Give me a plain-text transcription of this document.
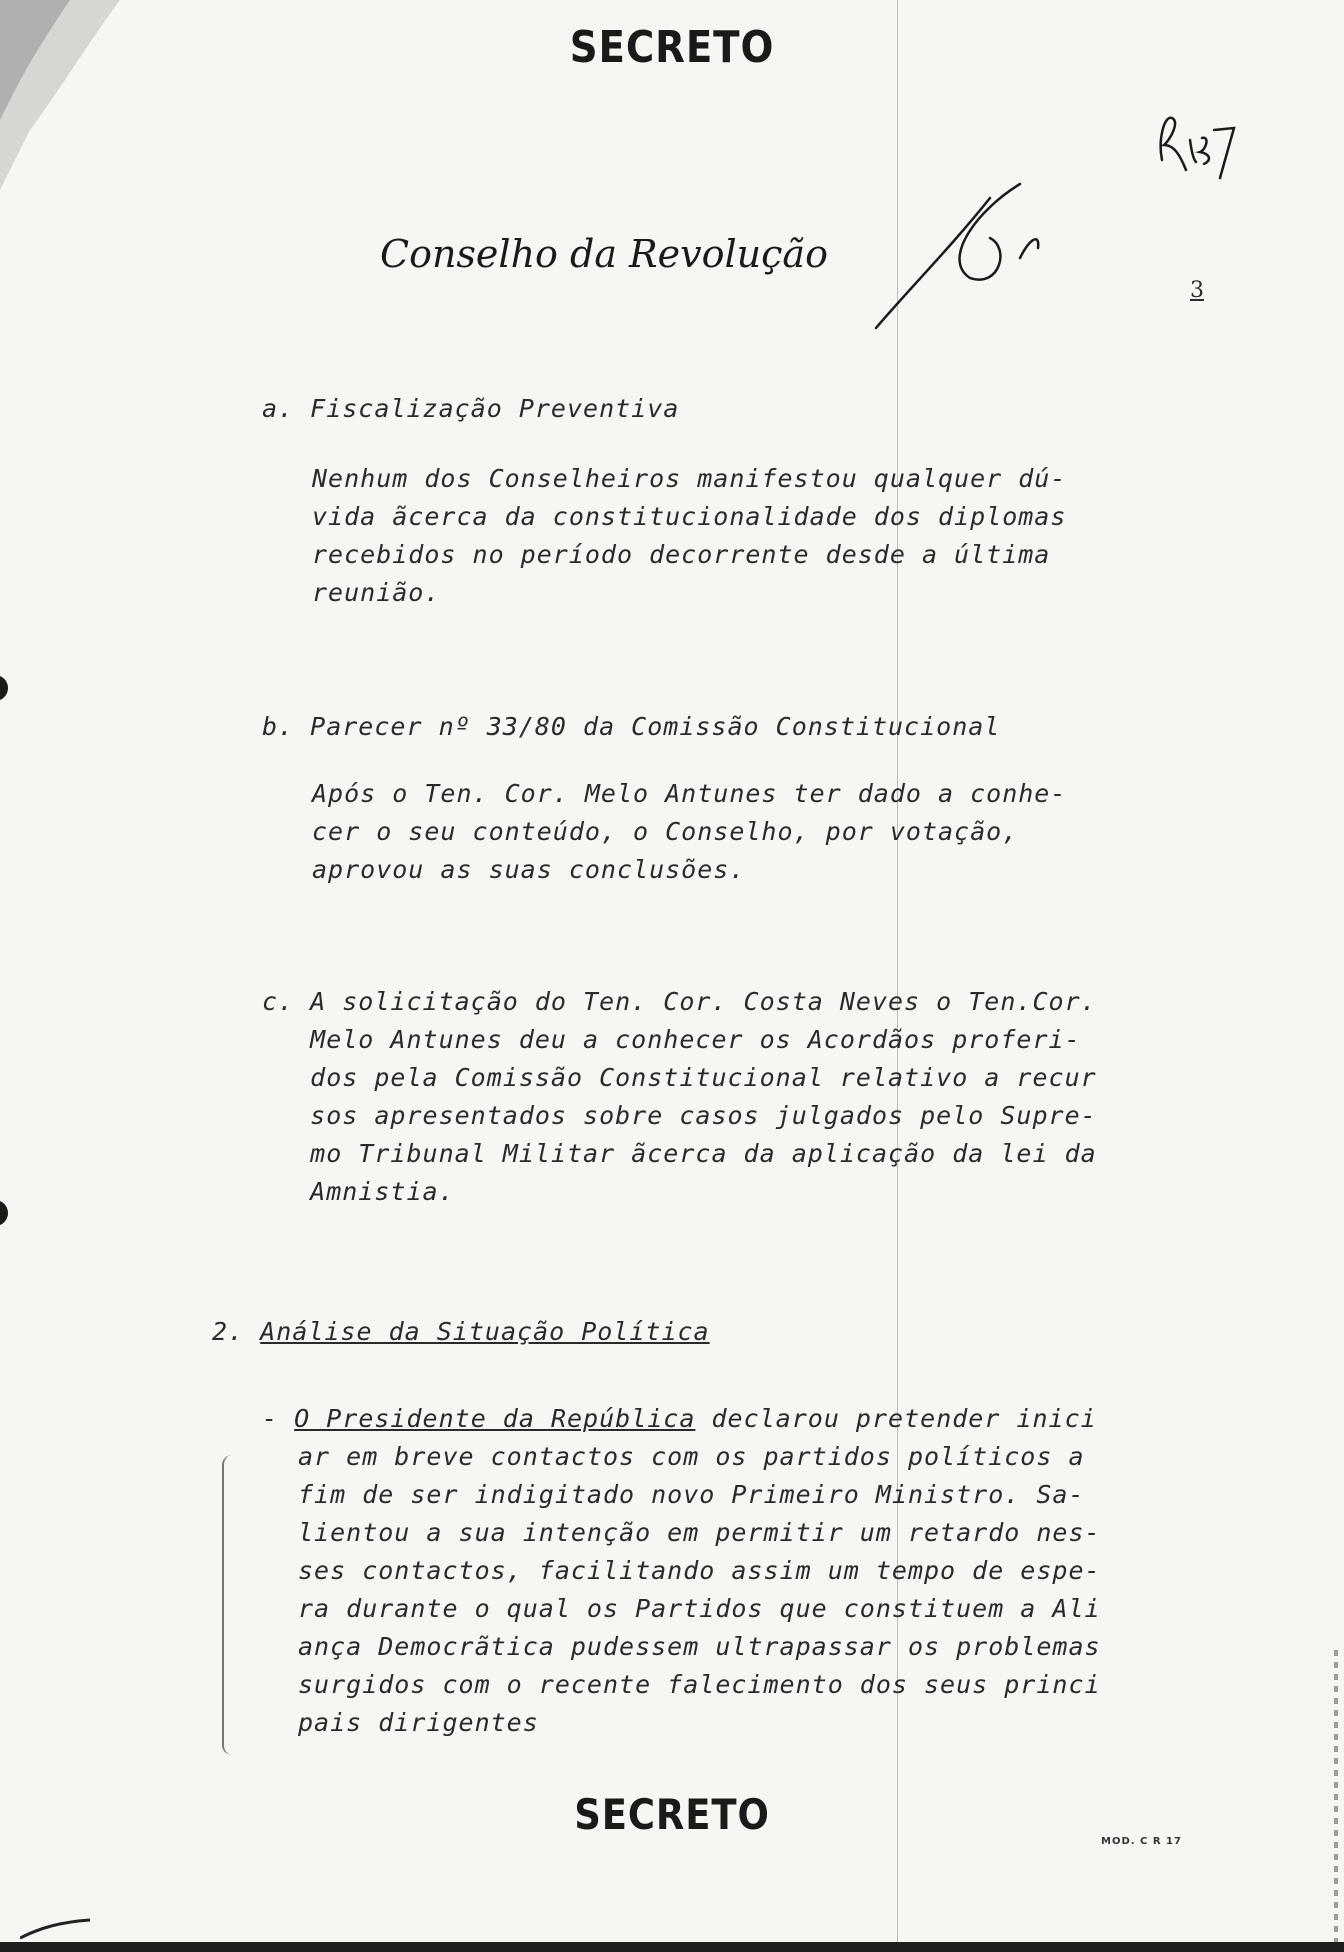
SECRETO
Conselho da Revolução
3
a. Fiscalização Preventiva
Nenhum dos Conselheiros manifestou qualquer dú-
vida ãcerca da constitucionalidade dos diplomas
recebidos no período decorrente desde a última
reunião.
b. Parecer nº 33/80 da Comissão Constitucional
Após o Ten. Cor. Melo Antunes ter dado a conhe-
cer o seu conteúdo, o Conselho, por votação,
aprovou as suas conclusões.
c. A solicitação do Ten. Cor. Costa Neves o Ten.Cor.
Melo Antunes deu a conhecer os Acordãos proferi-
dos pela Comissão Constitucional relativo a recur
sos apresentados sobre casos julgados pelo Supre-
mo Tribunal Militar ãcerca da aplicação da lei da
Amnistia.
2. Análise da Situação Política
- O Presidente da República declarou pretender inici
ar em breve contactos com os partidos políticos a
fim de ser indigitado novo Primeiro Ministro. Sa-
lientou a sua intenção em permitir um retardo nes-
ses contactos, facilitando assim um tempo de espe-
ra durante o qual os Partidos que constituem a Ali
ança Democrãtica pudessem ultrapassar os problemas
surgidos com o recente falecimento dos seus princi
pais dirigentes
SECRETO
MOD. C R 17
